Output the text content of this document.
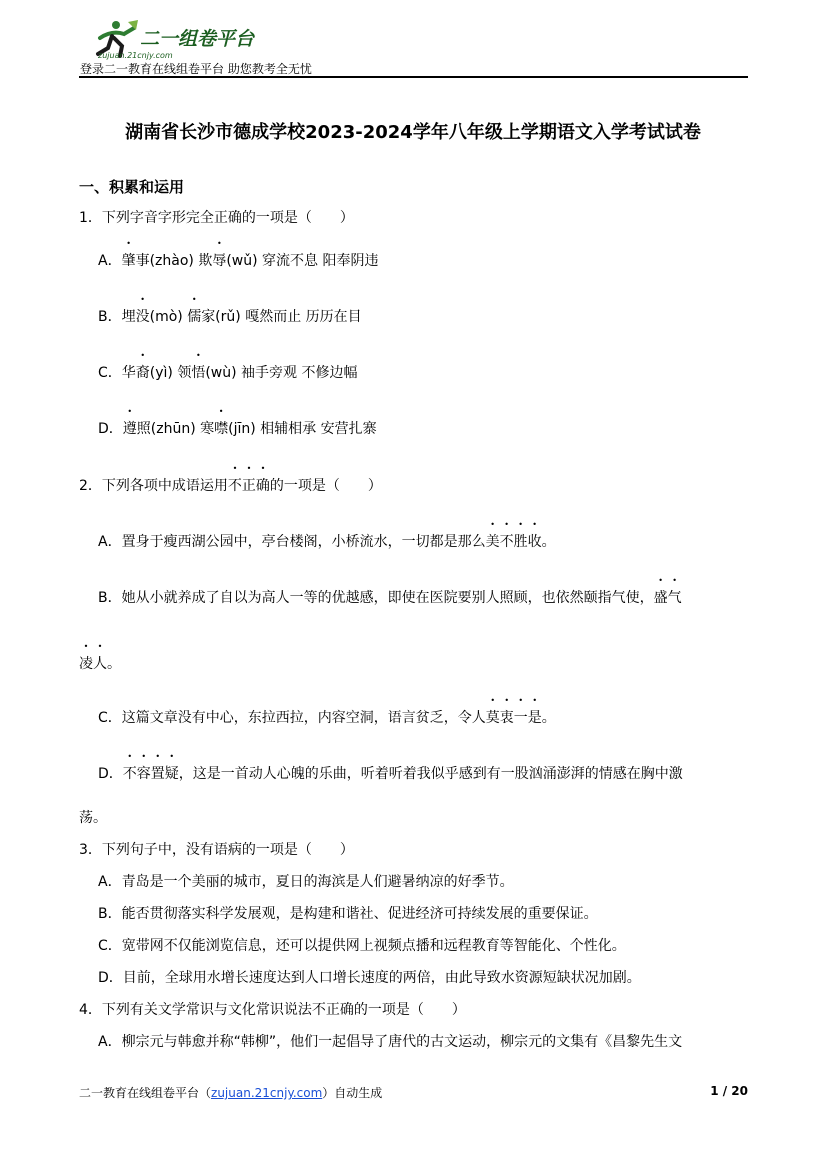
二一组卷平台
zujuan.21cnjy.com
登录二一教育在线组卷平台 助您教考全无忧
湖南省长沙市德成学校2023-2024学年八年级上学期语文入学考试试卷
一、积累和运用
1．下列字音字形完全正确的一项是（　　）
A．肇事(zhào) 欺辱(wǔ) 穿流不息 阳奉阴违
B．埋没(mò) 儒家(rǔ) 嘎然而止 历历在目
C．华裔(yì) 领悟(wù) 袖手旁观 不修边幅
D．遵照(zhūn) 寒噤(jīn) 相辅相承 安营扎寨
2．下列各项中成语运用不正确的一项是（　　）
A．置身于瘦西湖公园中，亭台楼阁，小桥流水，一切都是那么美不胜收。
B．她从小就养成了自以为高人一等的优越感，即使在医院要别人照顾，也依然颐指气使，盛气
凌人。
C．这篇文章没有中心，东拉西拉，内容空洞，语言贫乏，令人莫衷一是。
D．不容置疑，这是一首动人心魄的乐曲，听着听着我似乎感到有一股汹涌澎湃的情感在胸中激
荡。
3．下列句子中，没有语病的一项是（　　）
A．青岛是一个美丽的城市，夏日的海滨是人们避暑纳凉的好季节。
B．能否贯彻落实科学发展观，是构建和谐社、促进经济可持续发展的重要保证。
C．宽带网不仅能浏览信息，还可以提供网上视频点播和远程教育等智能化、个性化。
D．目前，全球用水增长速度达到人口增长速度的两倍，由此导致水资源短缺状况加剧。
4．下列有关文学常识与文化常识说法不正确的一项是（　　）
A．柳宗元与韩愈并称“韩柳”，他们一起倡导了唐代的古文运动，柳宗元的文集有《昌黎先生文
二一教育在线组卷平台（zujuan.21cnjy.com）自动生成	1 / 20
